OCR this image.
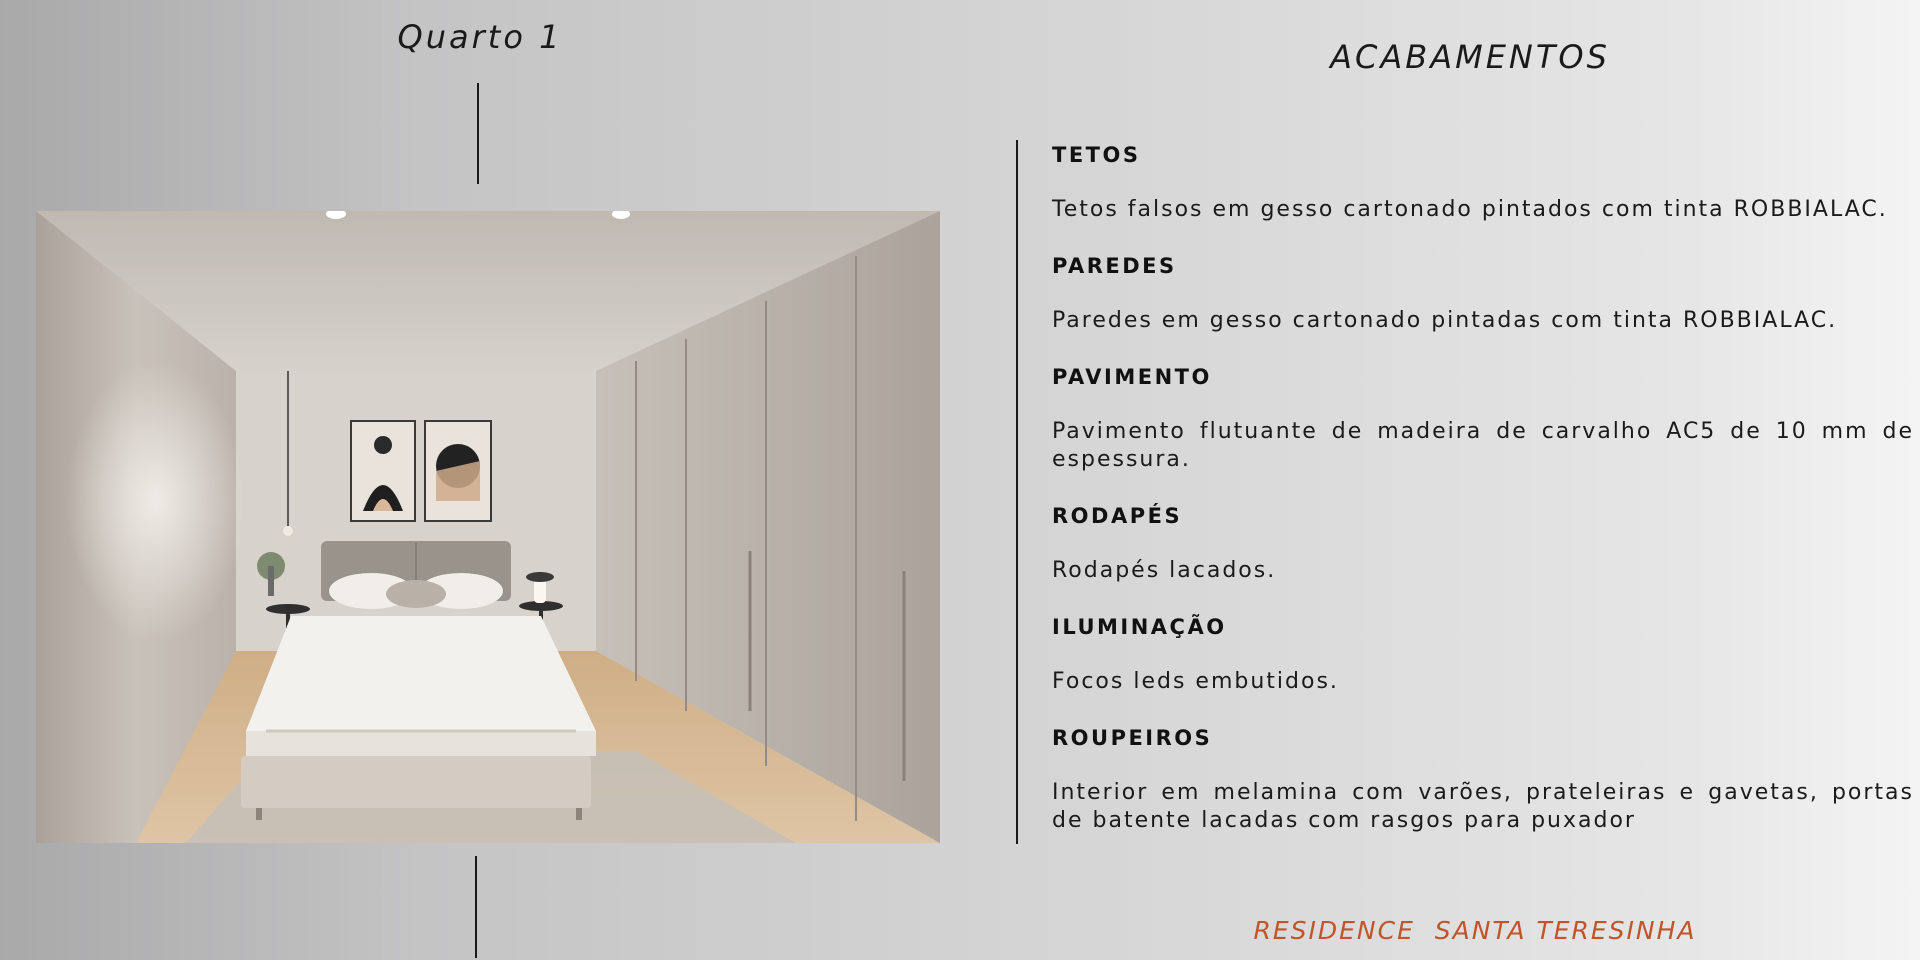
Quarto 1
ACABAMENTOS
TETOS
Tetos falsos em gesso cartonado pintados com tinta ROBBIALAC.
PAREDES
Paredes em gesso cartonado pintadas com tinta ROBBIALAC.
PAVIMENTO
Pavimento flutuante de madeira de carvalho AC5 de 10 mm de espessura.
RODAPÉS
Rodapés lacados.
ILUMINAÇÃO
Focos leds embutidos.
ROUPEIROS
Interior em melamina com varões, prateleiras e gavetas, portas de batente lacadas com rasgos para puxador
RESIDENCE  SANTA TERESINHA
